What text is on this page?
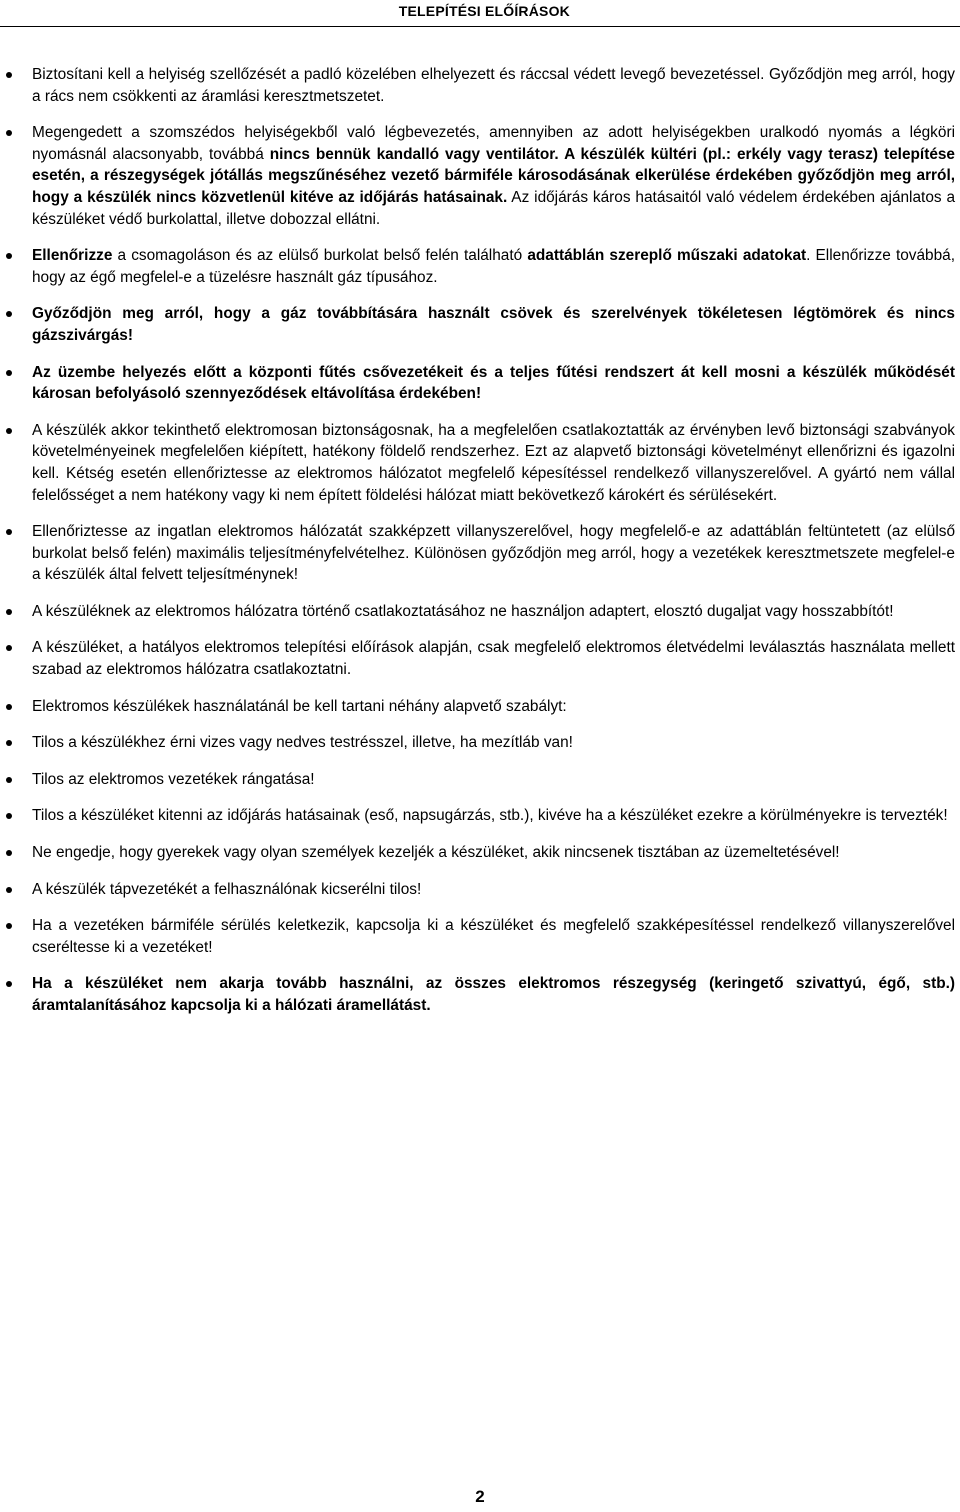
TELEPÍTÉSI ELŐÍRÁSOK
Biztosítani kell a helyiség szellőzését a padló közelében elhelyezett és ráccsal védett levegő bevezetéssel. Győződjön meg arról, hogy a rács nem csökkenti az áramlási keresztmetszetet.
Megengedett a szomszédos helyiségekből való légbevezetés, amennyiben az adott helyiségekben uralkodó nyomás a légköri nyomásnál alacsonyabb, továbbá nincs bennük kandalló vagy ventilátor. A készülék kültéri (pl.: erkély vagy terasz) telepítése esetén, a részegységek jótállás megszűnéséhez vezető bármiféle károsodásának elkerülése érdekében győződjön meg arról, hogy a készülék nincs közvetlenül kitéve az időjárás hatásainak. Az időjárás káros hatásaitól való védelem érdekében ajánlatos a készüléket védő burkolattal, illetve dobozzal ellátni.
Ellenőrizze a csomagoláson és az elülső burkolat belső felén található adattáblán szereplő műszaki adatokat. Ellenőrizze továbbá, hogy az égő megfelel-e a tüzelésre használt gáz típusához.
Győződjön meg arról, hogy a gáz továbbítására használt csövek és szerelvények tökéletesen légtömörek és nincs gázszivárgás!
Az üzembe helyezés előtt a központi fűtés csővezetékeit és a teljes fűtési rendszert át kell mosni a készülék működését károsan befolyásoló szennyeződések eltávolítása érdekében!
A készülék akkor tekinthető elektromosan biztonságosnak, ha a megfelelően csatlakoztatták az érvényben levő biztonsági szabványok követelményeinek megfelelően kiépített, hatékony földelő rendszerhez. Ezt az alapvető biztonsági követelményt ellenőrizni és igazolni kell. Kétség esetén ellenőriztesse az elektromos hálózatot megfelelő képesítéssel rendelkező villanyszerelővel. A gyártó nem vállal felelősséget a nem hatékony vagy ki nem épített földelési hálózat miatt bekövetkező károkért és sérülésekért.
Ellenőriztesse az ingatlan elektromos hálózatát szakképzett villanyszerelővel, hogy megfelelő-e az adattáblán feltüntetett (az elülső burkolat belső felén) maximális teljesítményfelvételhez. Különösen győződjön meg arról, hogy a vezetékek keresztmetszete megfelel-e a készülék által felvett teljesítménynek!
A készüléknek az elektromos hálózatra történő csatlakoztatásához ne használjon adaptert, elosztó dugaljat vagy hosszabbítót!
A készüléket, a hatályos elektromos telepítési előírások alapján, csak megfelelő elektromos életvédelmi leválasztás használata mellett szabad az elektromos hálózatra csatlakoztatni.
Elektromos készülékek használatánál be kell tartani néhány alapvető szabályt:
Tilos a készülékhez érni vizes vagy nedves testrésszel, illetve, ha mezítláb van!
Tilos az elektromos vezetékek rángatása!
Tilos a készüléket kitenni az időjárás hatásainak (eső, napsugárzás, stb.), kivéve ha a készüléket ezekre a körülményekre is tervezték!
Ne engedje, hogy gyerekek vagy olyan személyek kezeljék a készüléket, akik nincsenek tisztában az üzemeltetésével!
A készülék tápvezetékét a felhasználónak kicserélni tilos!
Ha a vezetéken bármiféle sérülés keletkezik, kapcsolja ki a készüléket és megfelelő szakképesítéssel rendelkező villanyszerelővel cseréltesse ki a vezetéket!
Ha a készüléket nem akarja tovább használni, az összes elektromos részegység (keringető szivattyú, égő, stb.) áramtalanításához kapcsolja ki a hálózati áramellátást.
2
